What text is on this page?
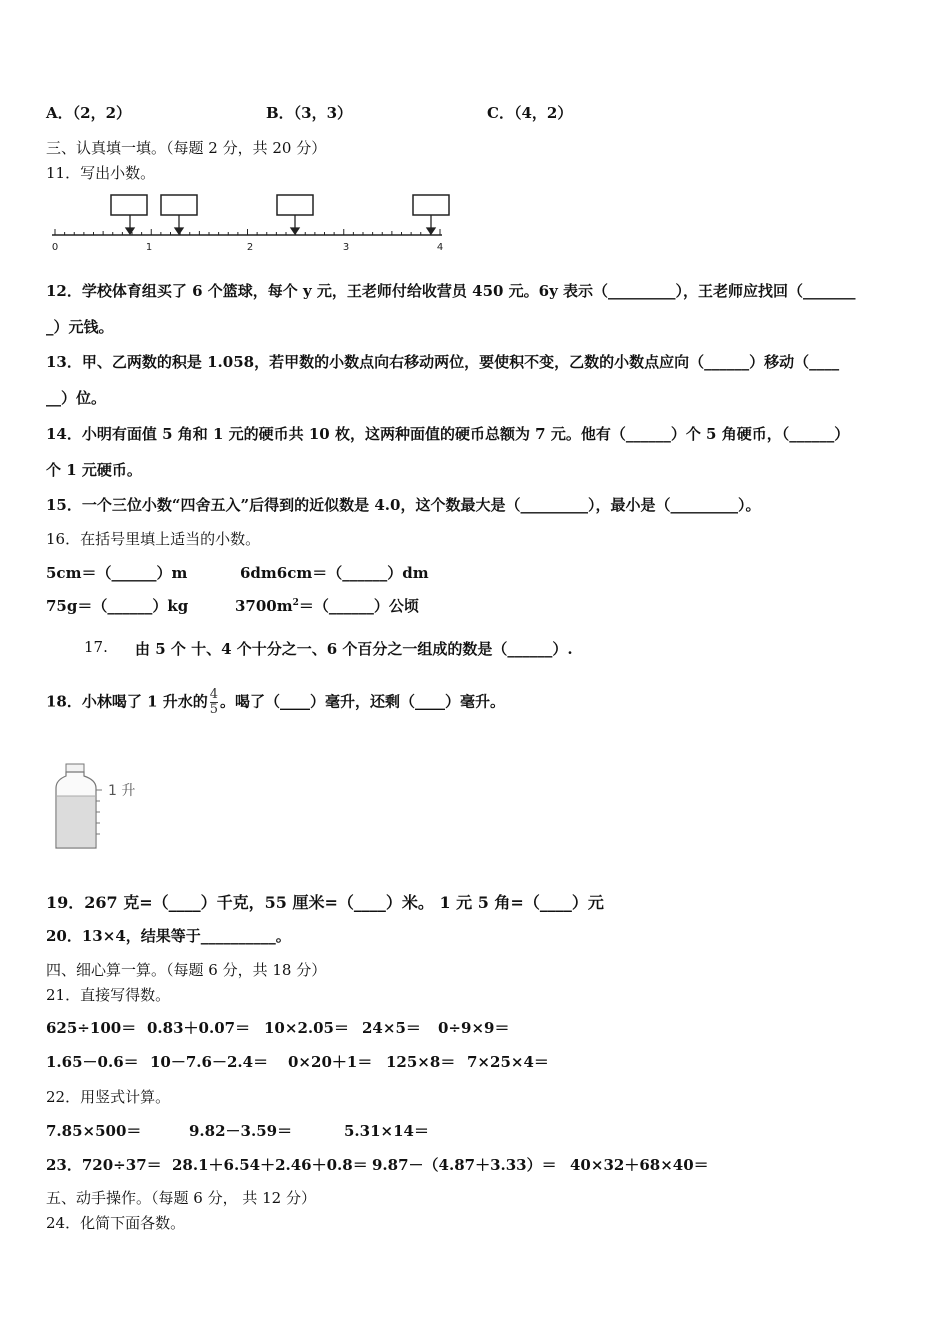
A．（2，2）	B．（3，3）	C．（4，2）
三、认真填一填。（每题 2 分，共 20 分）
11．写出小数。
0	1	2	3	4
12．学校体育组买了 6 个篮球，每个 y 元，王老师付给收营员 450 元。6y 表示（_________），王老师应找回（_______
_）元钱。
13．甲、乙两数的积是 1.058，若甲数的小数点向右移动两位，要使积不变，乙数的小数点应向（______）移动（____
__）位。
14．小明有面值 5 角和 1 元的硬币共 10 枚，这两种面值的硬币总额为 7 元。他有（______）个 5 角硬币，（______）
个 1 元硬币。
15．一个三位小数“四舍五入”后得到的近似数是 4.0，这个数最大是（_________），最小是（_________）。
16．在括号里填上适当的小数。
5cm＝（______）m	6dm6cm＝（______）dm
75g＝（______）kg	$3700m^2=(\_\_\_\_\_\_)$公顷
17. 由 5 个 十、4 个十分之一、6 个百分之一组成的数是（______）.
18．小林喝了 1 升水的 $\frac{4}{5}$ 。喝了（____）毫升，还剩（____）毫升。
1 升
19．267 克=（____）千克，55 厘米=（____）米。 1 元 5 角=（____）元
20．13×4，结果等于__________。
四、细心算一算。（每题 6 分，共 18 分）
21．直接写得数。
625÷100＝ 0.83＋0.07＝ 10×2.05＝ 24×5＝ 0÷9×9＝
1.65－0.6＝ 10－7.6－2.4＝ 0×20＋1＝ 125×8＝ 7×25×4＝
22．用竖式计算。
7.85×500＝	9.82－3.59＝	5.31×14＝
23．720÷37＝ 28.1＋6.54＋2.46＋0.8＝ 9.87－（4.87＋3.33）＝ 40×32＋68×40＝
五、动手操作。（每题 6 分， 共 12 分）
24．化简下面各数。
